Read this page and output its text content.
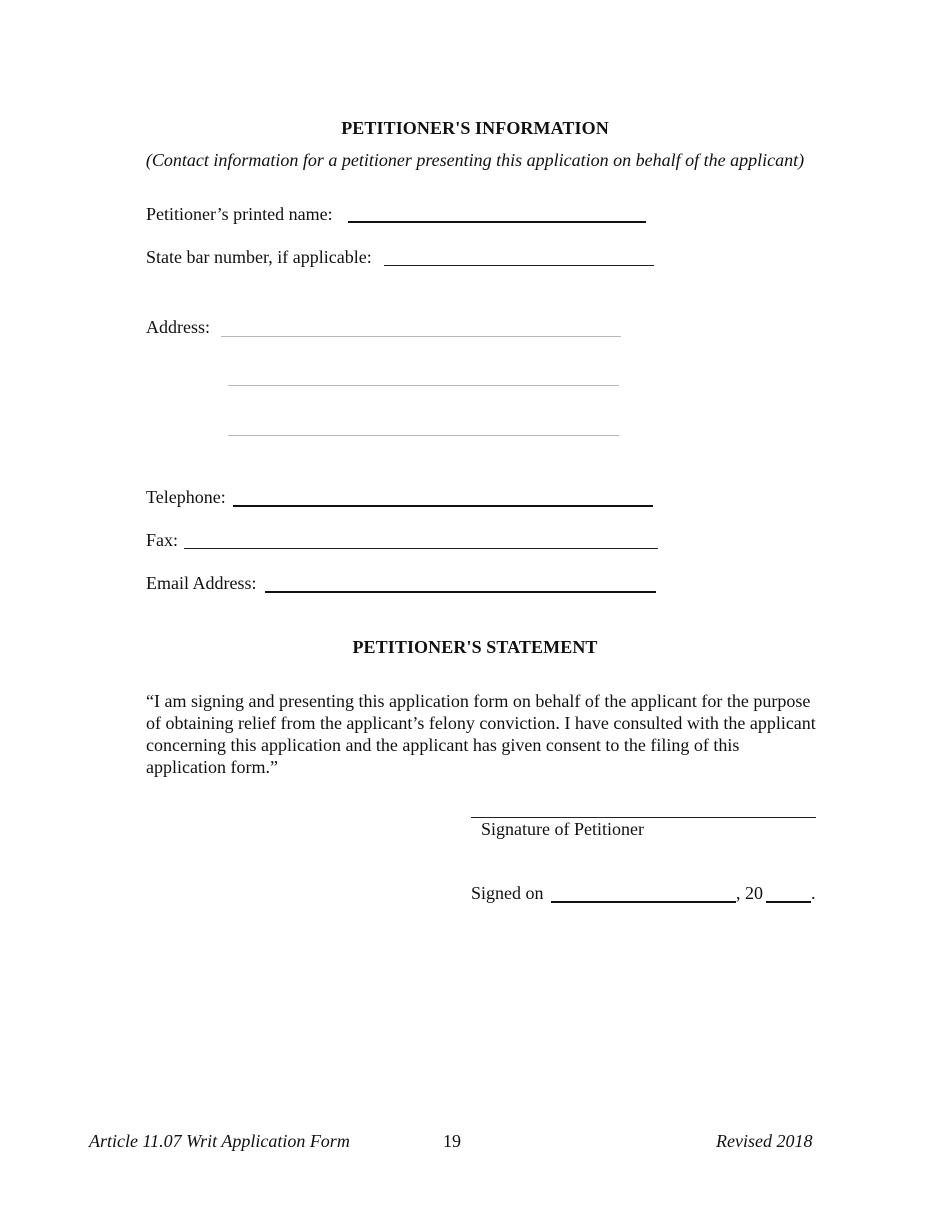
PETITIONER'S INFORMATION
(Contact information for a petitioner presenting this application on behalf of the applicant)
Petitioner’s printed name:
State bar number, if applicable:
Address:
Telephone:
Fax:
Email Address:
PETITIONER'S STATEMENT
“I am signing and presenting this application form on behalf of the applicant for the purpose of obtaining relief from the applicant’s felony conviction. I have consulted with the applicant concerning this application and the applicant has given consent to the filing of this application form.”
Signature of Petitioner
Signed on	, 20	.
Article 11.07 Writ Application Form	19	Revised 2018
